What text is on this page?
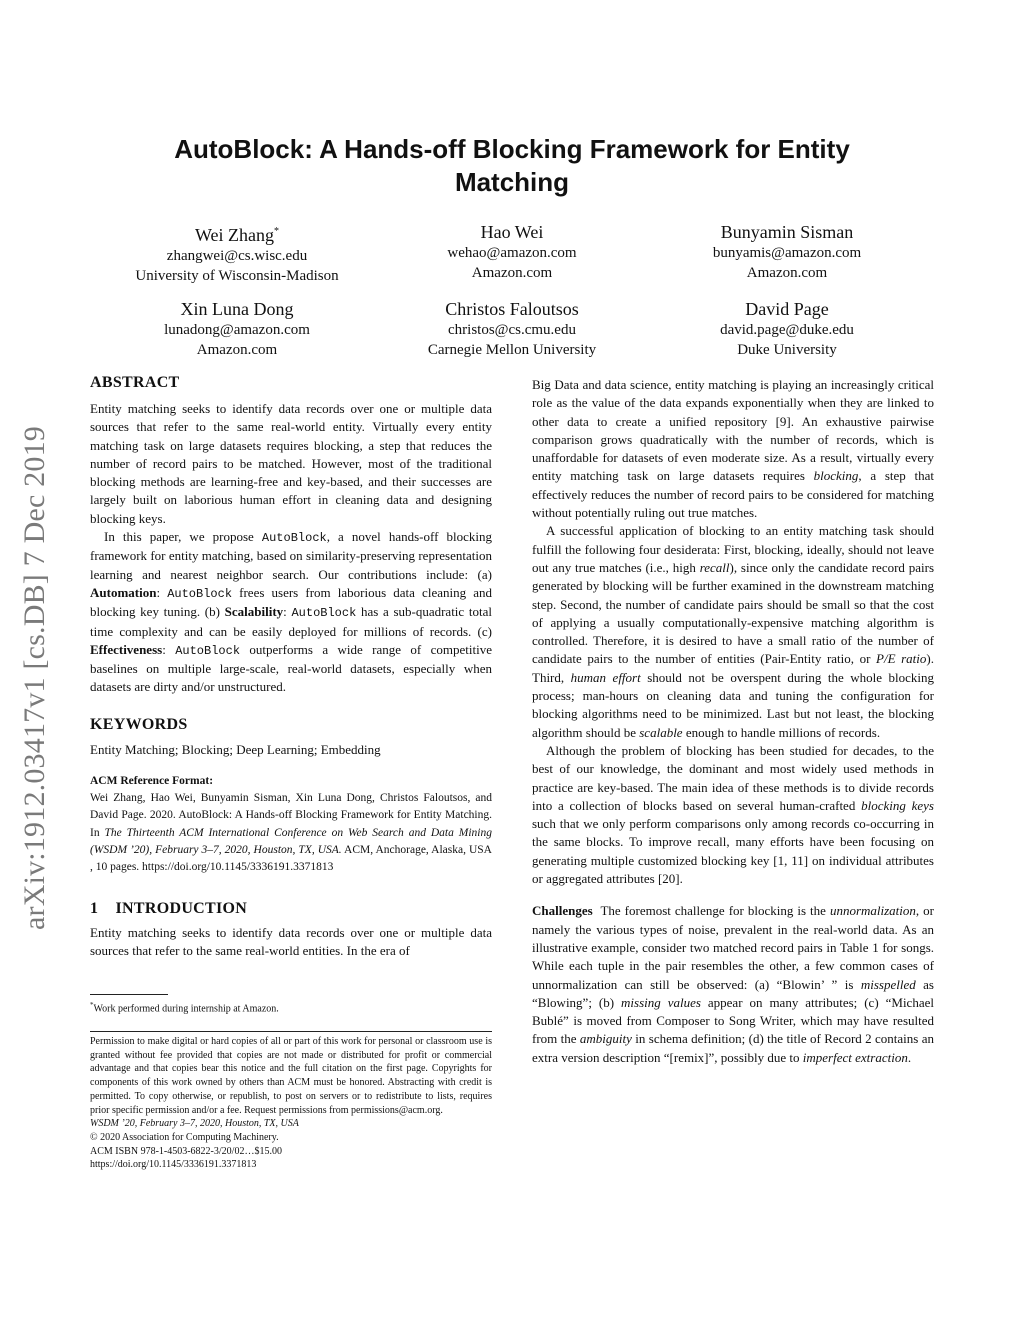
AutoBlock: A Hands-off Blocking Framework for Entity Matching
arXiv:1912.03417v1 [cs.DB] 7 Dec 2019
Wei Zhang*
zhangwei@cs.wisc.edu
University of Wisconsin-Madison
Hao Wei
wehao@amazon.com
Amazon.com
Bunyamin Sisman
bunyamis@amazon.com
Amazon.com
Xin Luna Dong
lunadong@amazon.com
Amazon.com
Christos Faloutsos
christos@cs.cmu.edu
Carnegie Mellon University
David Page
david.page@duke.edu
Duke University
ABSTRACT

Entity matching seeks to identify data records over one or multiple data sources that refer to the same real-world entity. Virtually every entity matching task on large datasets requires blocking, a step that reduces the number of record pairs to be matched. However, most of the traditional blocking methods are learning-free and key-based, and their successes are largely built on laborious human effort in cleaning data and designing blocking keys.

In this paper, we propose AutoBlock, a novel hands-off blocking framework for entity matching, based on similarity-preserving representation learning and nearest neighbor search. Our contributions include: (a) Automation: AutoBlock frees users from laborious data cleaning and blocking key tuning. (b) Scalability: AutoBlock has a sub-quadratic total time complexity and can be easily deployed for millions of records. (c) Effectiveness: AutoBlock outperforms a wide range of competitive baselines on multiple large-scale, real-world datasets, especially when datasets are dirty and/or unstructured.

KEYWORDS

Entity Matching; Blocking; Deep Learning; Embedding

ACM Reference Format:

Wei Zhang, Hao Wei, Bunyamin Sisman, Xin Luna Dong, Christos Faloutsos, and David Page. 2020. AutoBlock: A Hands-off Blocking Framework for Entity Matching. In The Thirteenth ACM International Conference on Web Search and Data Mining (WSDM ’20), February 3–7, 2020, Houston, TX, USA. ACM, Anchorage, Alaska, USA , 10 pages. https://doi.org/10.1145/3336191.3371813

1 INTRODUCTION

Entity matching seeks to identify data records over one or multiple data sources that refer to the same real-world entities. In the era of

*Work performed during internship at Amazon.

Permission to make digital or hard copies of all or part of this work for personal or classroom use is granted without fee provided that copies are not made or distributed for profit or commercial advantage and that copies bear this notice and the full citation on the first page. Copyrights for components of this work owned by others than ACM must be honored. Abstracting with credit is permitted. To copy otherwise, or republish, to post on servers or to redistribute to lists, requires prior specific permission and/or a fee. Request permissions from permissions@acm.org.

WSDM ’20, February 3–7, 2020, Houston, TX, USA

© 2020 Association for Computing Machinery.

ACM ISBN 978-1-4503-6822-3/20/02…$15.00

https://doi.org/10.1145/3336191.3371813

Big Data and data science, entity matching is playing an increasingly critical role as the value of the data expands exponentially when they are linked to other data to create a unified repository [9]. An exhaustive pairwise comparison grows quadratically with the number of records, which is unaffordable for datasets of even moderate size. As a result, virtually every entity matching task on large datasets requires blocking, a step that effectively reduces the number of record pairs to be considered for matching without potentially ruling out true matches.

A successful application of blocking to an entity matching task should fulfill the following four desiderata: First, blocking, ideally, should not leave out any true matches (i.e., high recall), since only the candidate record pairs generated by blocking will be further examined in the downstream matching step. Second, the number of candidate pairs should be small so that the cost of applying a usually computationally-expensive matching algorithm is controlled. Therefore, it is desired to have a small ratio of the number of candidate pairs to the number of entities (Pair-Entity ratio, or P/E ratio). Third, human effort should not be overspent during the whole blocking process; man-hours on cleaning data and tuning the configuration for blocking algorithms need to be minimized. Last but not least, the blocking algorithm should be scalable enough to handle millions of records.

Although the problem of blocking has been studied for decades, to the best of our knowledge, the dominant and most widely used methods in practice are key-based. The main idea of these methods is to divide records into a collection of blocks based on several human-crafted blocking keys such that we only perform comparisons only among records co-occurring in the same blocks. To improve recall, many efforts have been focusing on generating multiple customized blocking key [1, 11] on individual attributes or aggregated attributes [20].

Challenges  The foremost challenge for blocking is the unnormalization, or namely the various types of noise, prevalent in the real-world data. As an illustrative example, consider two matched record pairs in Table 1 for songs. While each tuple in the pair resembles the other, a few common cases of unnormalization can still be observed: (a) “Blowin’ ” is misspelled as “Blowing”; (b) missing values appear on many attributes; (c) “Michael Bublé” is moved from Composer to Song Writer, which may have resulted from the ambiguity in schema definition; (d) the title of Record 2 contains an extra version description “[remix]”, possibly due to imperfect extraction.
